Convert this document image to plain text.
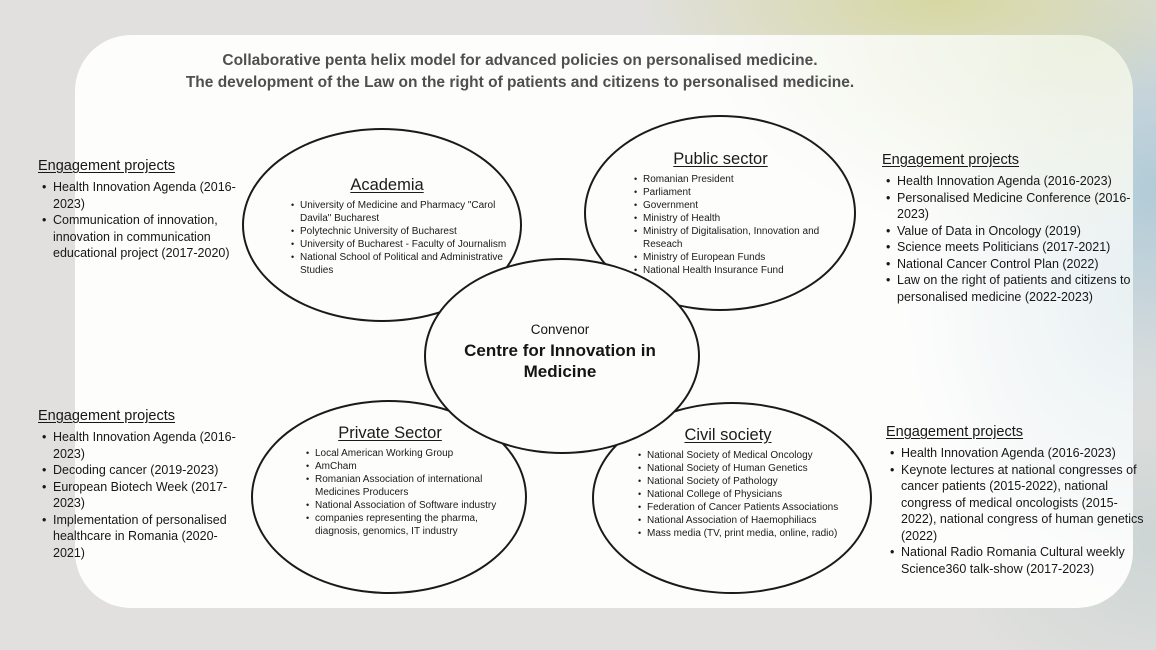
Collaborative penta helix model for advanced policies on personalised medicine.
The development of the Law on the right of patients and citizens to personalised medicine.
Academia
• University of Medicine and Pharmacy "Carol Davila" Bucharest
• Polytechnic University of Bucharest
• University of Bucharest - Faculty of Journalism
• National School of Political and Administrative Studies
Public sector
• Romanian President
• Parliament
• Government
• Ministry of Health
• Ministry of Digitalisation, Innovation and Reseach
• Ministry of European Funds
• National Health Insurance Fund
Private Sector
• Local American Working Group
• AmCham
• Romanian Association of international Medicines Producers
• National Association of Software industry
• companies representing the pharma, diagnosis, genomics, IT industry
Civil society
• National Society of Medical Oncology
• National Society of Human Genetics
• National Society of Pathology
• National College of Physicians
• Federation of Cancer Patients Associations
• National Association of Haemophiliacs
• Mass media (TV, print media, online, radio)
Convenor
Centre for Innovation in Medicine
Engagement projects
• Health Innovation Agenda (2016-2023)
• Communication of innovation, innovation in communication educational project (2017-2020)
Engagement projects
• Health Innovation Agenda (2016-2023)
• Personalised Medicine Conference (2016-2023)
• Value of Data in Oncology (2019)
• Science meets Politicians (2017-2021)
• National Cancer Control Plan (2022)
• Law on the right of patients and citizens to personalised medicine (2022-2023)
Engagement projects
• Health Innovation Agenda (2016-2023)
• Decoding cancer (2019-2023)
• European Biotech Week (2017-2023)
• Implementation of personalised healthcare in Romania (2020-2021)
Engagement projects
• Health Innovation Agenda (2016-2023)
• Keynote lectures at national congresses of cancer patients (2015-2022), national congress of medical oncologists (2015-2022), national congress of human genetics (2022)
• National Radio Romania Cultural weekly Science360 talk-show (2017-2023)
